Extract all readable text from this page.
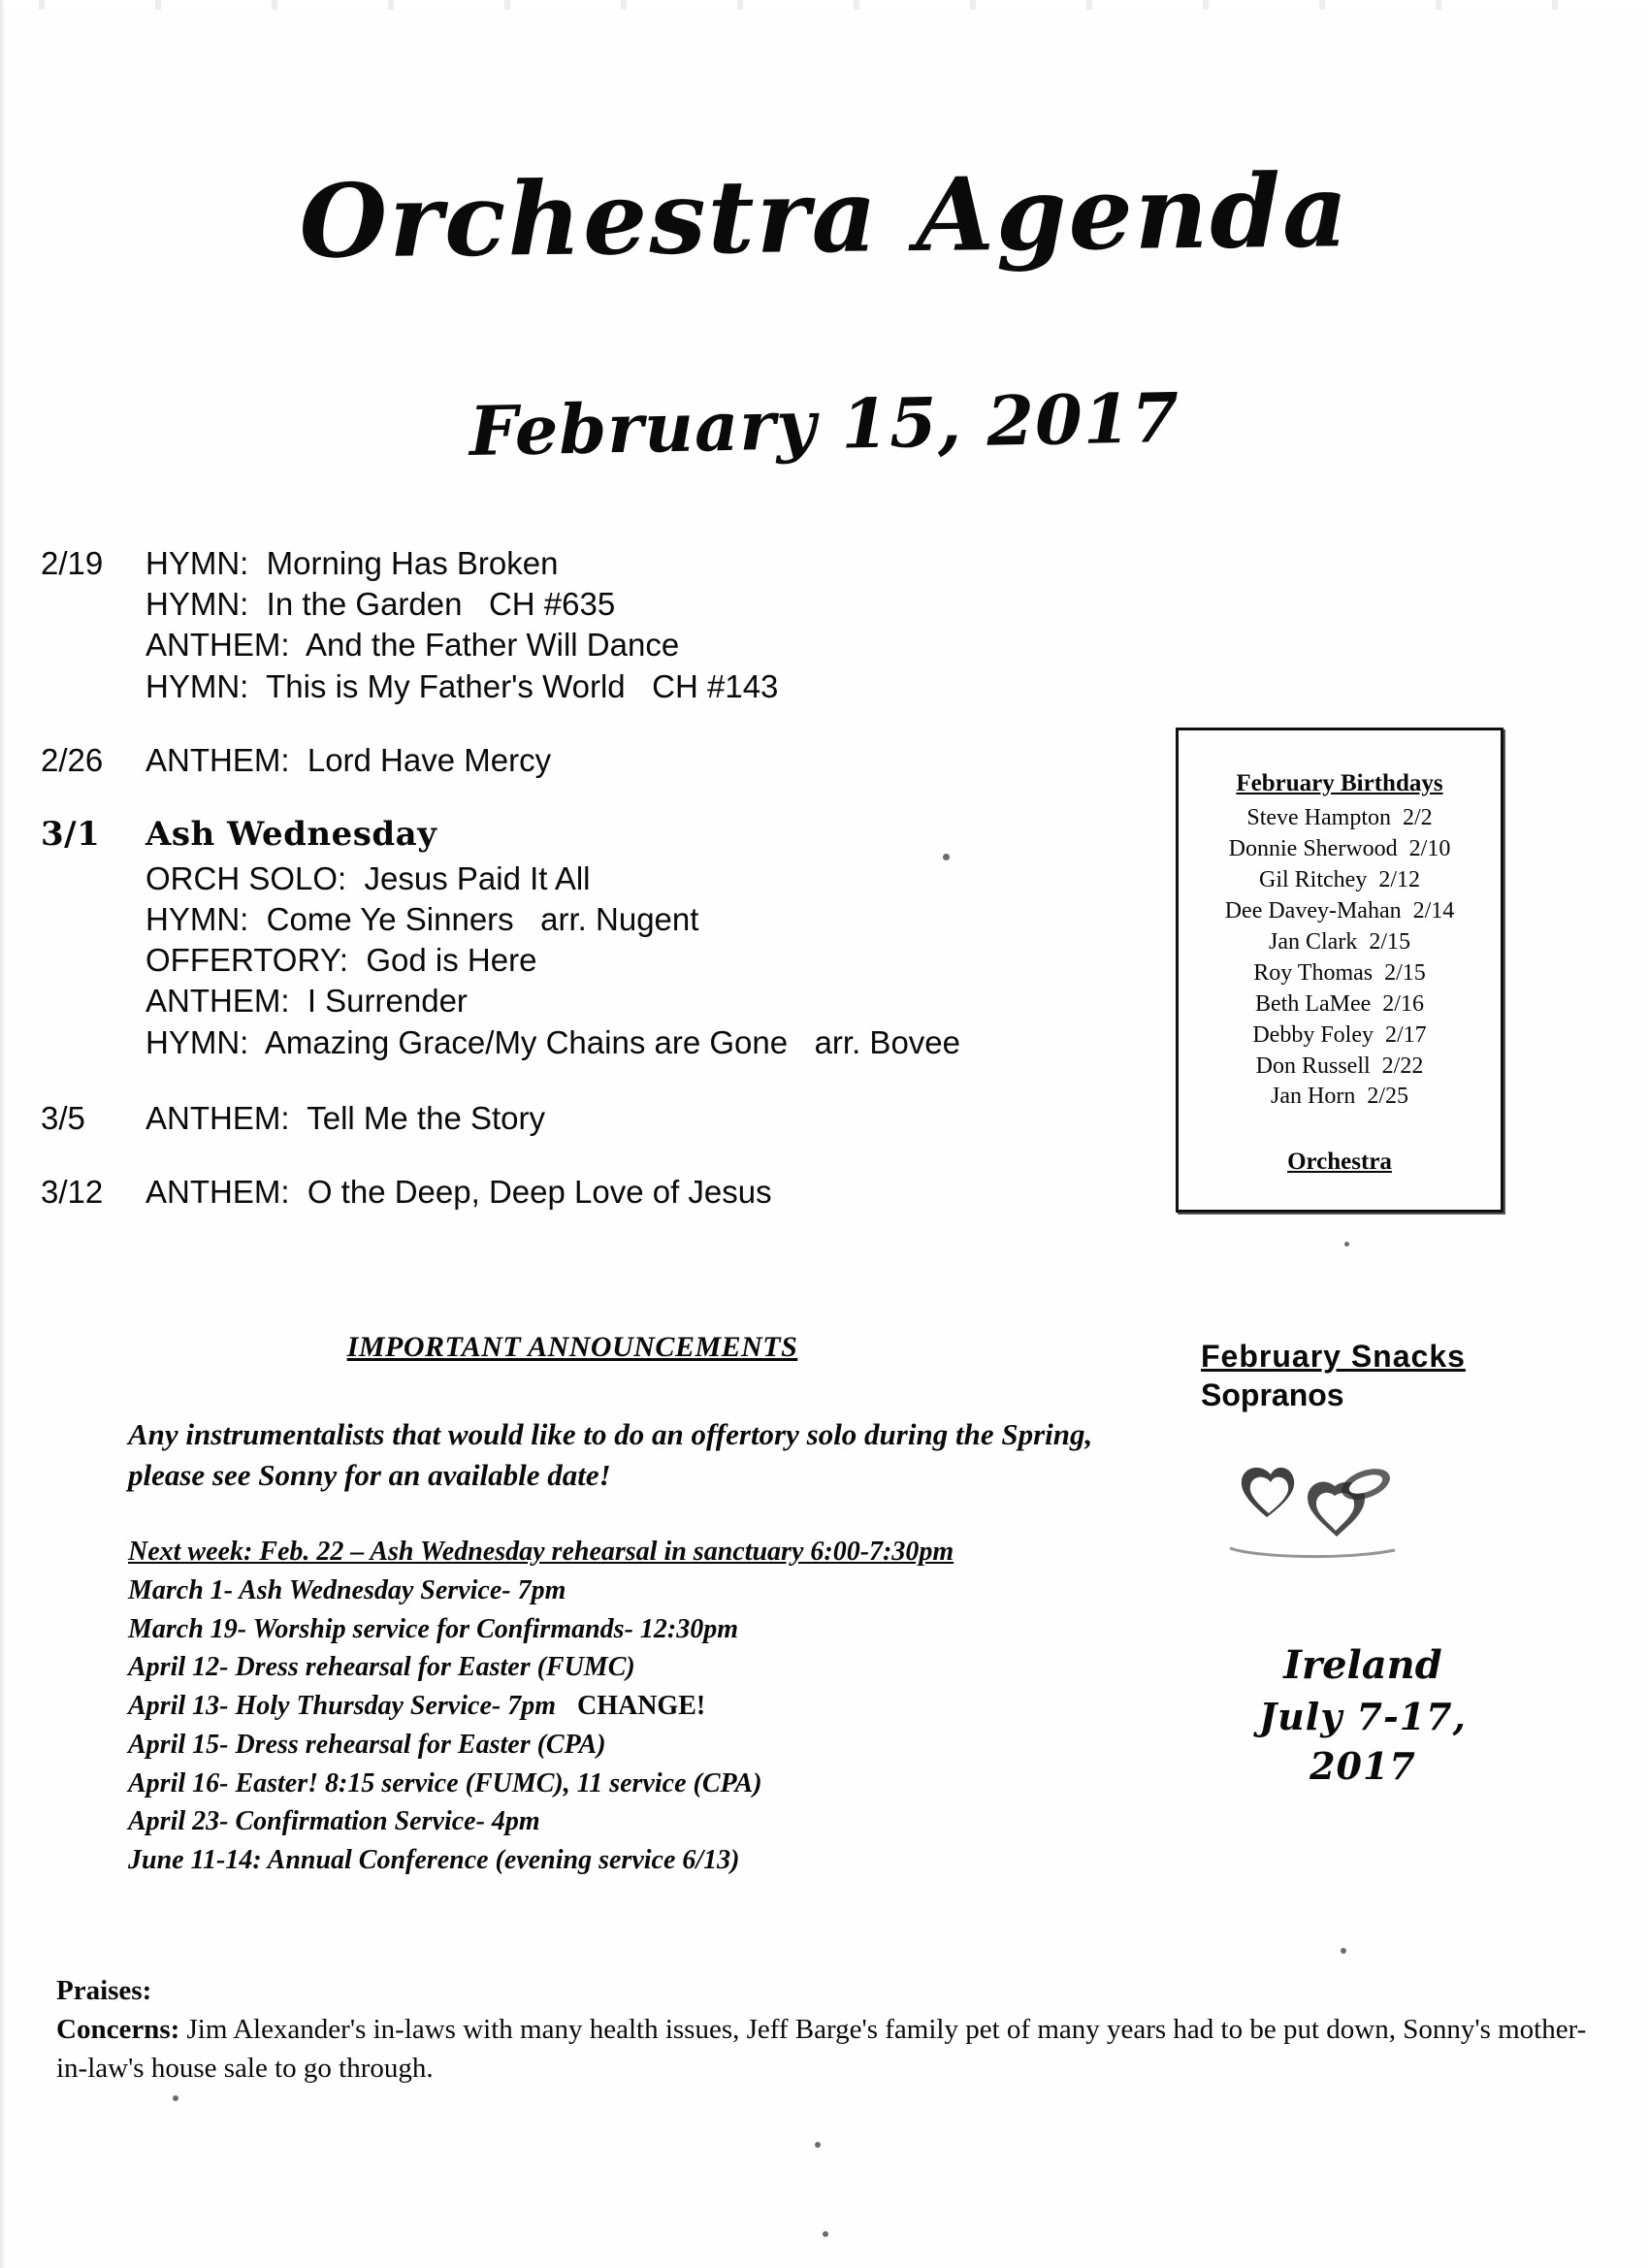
Orchestra Agenda
February 15, 2017
2/19	HYMN:  Morning Has Broken
HYMN:  In the Garden   CH #635
ANTHEM:  And the Father Will Dance
HYMN:  This is My Father's World   CH #143
2/26	ANTHEM:  Lord Have Mercy
3/1	Ash Wednesday
ORCH SOLO:  Jesus Paid It All
HYMN:  Come Ye Sinners   arr. Nugent
OFFERTORY:  God is Here
ANTHEM:  I Surrender
HYMN:  Amazing Grace/My Chains are Gone   arr. Bovee
3/5	ANTHEM:  Tell Me the Story
3/12	ANTHEM:  O the Deep, Deep Love of Jesus
February Birthdays
Steve Hampton  2/2
Donnie Sherwood  2/10
Gil Ritchey  2/12
Dee Davey-Mahan  2/14
Jan Clark  2/15
Roy Thomas  2/15
Beth LaMee  2/16
Debby Foley  2/17
Don Russell  2/22
Jan Horn  2/25
Orchestra
IMPORTANT ANNOUNCEMENTS
Any instrumentalists that would like to do an offertory solo during the Spring, please see Sonny for an available date!
Next week: Feb. 22 – Ash Wednesday rehearsal in sanctuary 6:00-7:30pm
March 1- Ash Wednesday Service- 7pm
March 19- Worship service for Confirmands- 12:30pm
April 12- Dress rehearsal for Easter (FUMC)
April 13- Holy Thursday Service- 7pm CHANGE!
April 15- Dress rehearsal for Easter (CPA)
April 16- Easter! 8:15 service (FUMC), 11 service (CPA)
April 23- Confirmation Service- 4pm
June 11-14: Annual Conference (evening service 6/13)
February Snacks
Sopranos
Ireland
July 7-17, 2017
Praises:
Concerns: Jim Alexander's in-laws with many health issues, Jeff Barge's family pet of many years had to be put down, Sonny's mother-in-law's house sale to go through.
